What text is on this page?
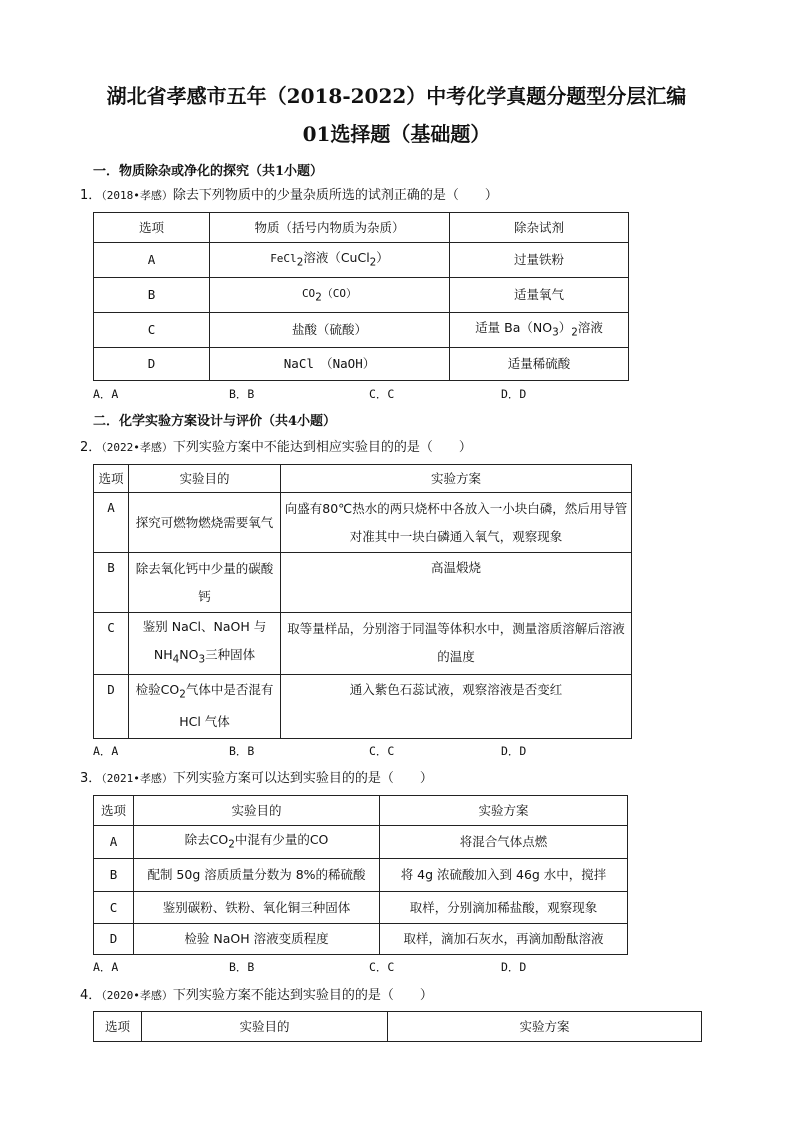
湖北省孝感市五年（2018-2022）中考化学真题分题型分层汇编
01选择题（基础题）
一．物质除杂或净化的探究（共1小题）
1．（2018•孝感）除去下列物质中的少量杂质所选的试剂正确的是（　　）
选项	物质（括号内物质为杂质）	除杂试剂
A	FeCl$_2$溶液（CuCl$_2$）	过量铁粉
B	$CO_2(CO)$	适量氧气
C	盐酸（硫酸）	适量 $Ba(NO_3)_2$溶液
D	NaCl　（NaOH）	适量稀硫酸
A．A	B．B	C．C	D．D
二．化学实验方案设计与评价（共4小题）
2．（2022•孝感）下列实验方案中不能达到相应实验目的的是（　　）
选项	实验目的	实验方案
A	探究可燃物燃烧需要氧气	向盛有80℃热水的两只烧杯中各放入一小块白磷，然后用导管对准其中一块白磷通入氧气，观察现象
B	除去氧化钙中少量的碳酸钙	高温煅烧
C	鉴别 NaCl、NaOH 与 $NH_4NO_3$三种固体	取等量样品，分别溶于同温等体积水中，测量溶质溶解后溶液的温度
D	检验$CO_2$气体中是否混有HCl 气体	通入紫色石蕊试液，观察溶液是否变红
A．A	B．B	C．C	D．D
3．（2021•孝感）下列实验方案可以达到实验目的的是（　　）
选项	实验目的	实验方案
A	除去$CO_2$中混有少量的CO	将混合气体点燃
B	配制 50g 溶质质量分数为 8%的稀硫酸	将 4g 浓硫酸加入到 46g 水中，搅拌
C	鉴别碳粉、铁粉、氧化铜三种固体	取样，分别滴加稀盐酸，观察现象
D	检验 NaOH 溶液变质程度	取样，滴加石灰水，再滴加酚酞溶液
A．A	B．B	C．C	D．D
4．（2020•孝感）下列实验方案不能达到实验目的的是（　　）
选项	实验目的	实验方案
